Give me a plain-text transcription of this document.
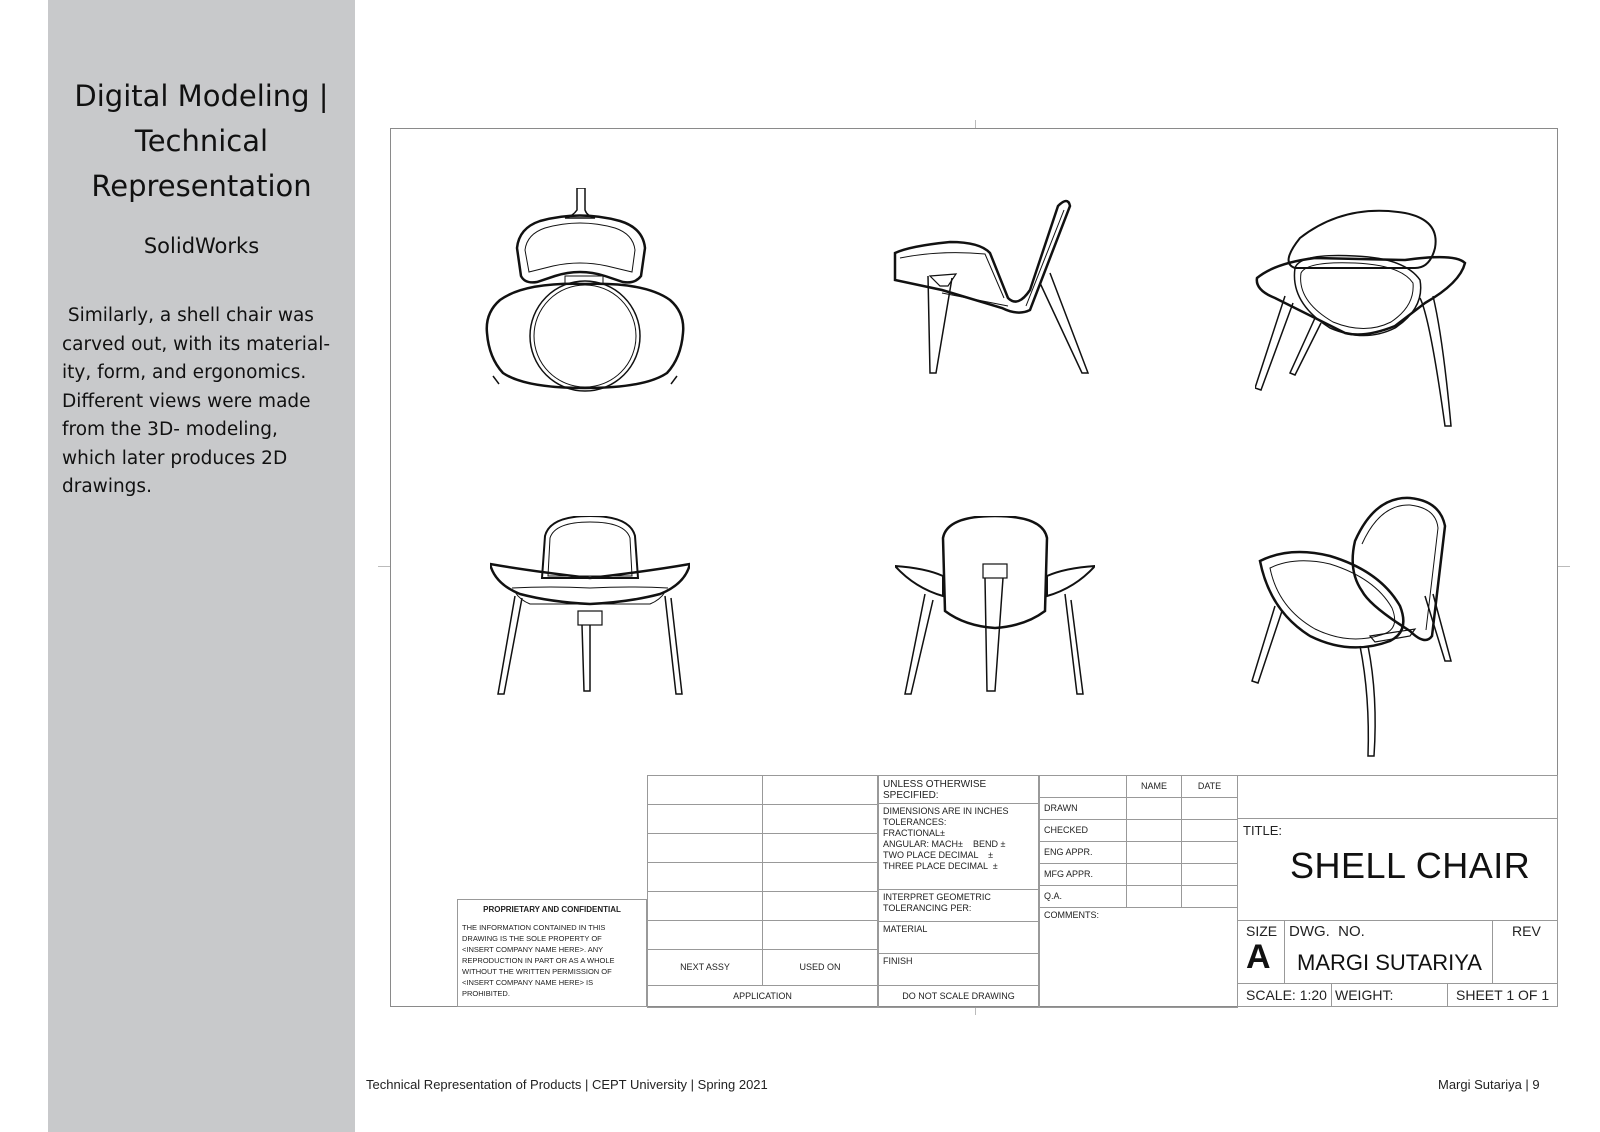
Digital Modeling |
Technical
Representation
SolidWorks
Similarly, a shell chair was
carved out, with its material-
ity, form, and ergonomics.
Different views were made
from the 3D- modeling,
which later produces 2D
drawings.

NEXT ASSY	USED ON
APPLICATION	
UNLESS OTHERWISE SPECIFIED:

DIMENSIONS ARE IN INCHES
TOLERANCES:
FRACTIONAL±
ANGULAR: MACH±    BEND ±
TWO PLACE DECIMAL    ±
THREE PLACE DECIMAL  ±

INTERPRET GEOMETRIC
TOLERANCING PER:

MATERIAL
FINISH
DO NOT SCALE DRAWING
	NAME	DATE
DRAWN		
CHECKED		
ENG APPR.		
MFG APPR.		
Q.A.		
COMMENTS:		
TITLE:
SHELL CHAIR
SIZE
A
DWG.  NO.
MARGI SUTARIYA
REV
SCALE: 1:20 WEIGHT:	SHEET 1 OF 1
PROPRIETARY AND CONFIDENTIAL
THE INFORMATION CONTAINED IN THIS
DRAWING IS THE SOLE PROPERTY OF
<INSERT COMPANY NAME HERE>. ANY
REPRODUCTION IN PART OR AS A WHOLE
WITHOUT THE WRITTEN PERMISSION OF
<INSERT COMPANY NAME HERE> IS
PROHIBITED.
Technical Representation of Products | CEPT University | Spring 2021	Margi Sutariya | 9
